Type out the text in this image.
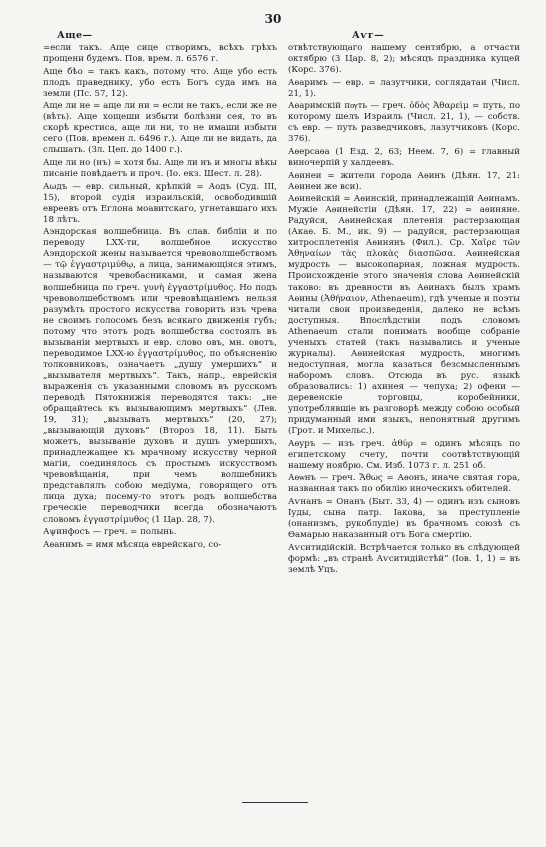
30
Аще—

=если такъ. Аще сице створимъ, всѣхъ грѣхъ прощени будемъ. Пов. врем. л. 6576 г.

Аще бѣо = такъ какъ, потому что. Аще убо есть плодъ праведнику, убо есть Богъ суда имъ на земли (Пс. 57, 12).

Аще ли не = аще ли ни = если не такъ, если же не (вѣть). Аще хощеши избыти болѣзни сея, то въ скорѣ крестиса, аще ли ни, то не имаши избыти сего (Пов. времен л. 6496 г.). Аще ли не видать, да слышать. (Зл. Цеп. до 1400 г.).

Аще ли но (нъ) = хотя бы. Аще ли нъ и многы вѣкы писаніе повѣдаетъ и проч. (Іо. екз. Шест. л. 28).

Аωдъ — евр. сильный, крѣпкій = Аодъ (Суд. III, 15), второй судія израильскій, освободившій евреевъ отъ Еглона моавитскаго, угнетавшаго ихъ 18 лѣтъ.

Аэндорская волшебница. Въ слав. библіи и по переводу LXX-ти, волшебное искусство Аэндорской жены называется чревоволшебствомъ — τῷ ἐγγαστριμύθῳ, а лица, занимающіяся этимъ, называются чревобасниками, и самая жена волшебница по греч. γυνὴ ἐγγαστρίμυθος. Но подъ чревоволшебствомъ или чревовѣщаніемъ нельзя разумѣть простого искусства говорить изъ чрева не своимъ голосомъ безъ всякаго движенія губъ; потому что этотъ родъ волшебства состоялъ въ вызываніи мертвыхъ и евр. слово овъ, мн. овотъ, переводимое LXX-ю ἐγγαστρίμυθος, по объясненію толковниковъ, означаетъ „душу умершихъ“ и „вызывателя мертвыхъ“. Такъ, напр., еврейскія выраженія съ указанными словомъ въ русскомъ переводѣ Пятокнижія переводятся такъ: „не обращайтесь къ вызывающимъ мертвыхъ“ (Лев. 19, 31); „вызывать мертвыхъ“ (20, 27); „вызывающій духовъ“ (Второз 18, 11). Быть можетъ, вызываніе духовъ и душъ умершихъ, принадлежащее къ мрачному искусству черной магіи, соединялось съ простымъ искусствомъ чревовѣщанія, при чемъ волшебникъ представлялъ собою медіума, говорящего отъ лица духа; посему-то этотъ родъ волшебства греческіе переводчики всегда обозначаютъ словомъ ἐγγαστρίμυθος (1 Цар. 28, 7).

Аψинфосъ — греч. = полынь.

Аѳанимъ = имя мѣсяца еврейскаго, со-

Аѵг—

отвѣтствующаго нашему сентябрю, а отчасти октябрю (3 Цар. 8, 2); мѣсяцъ праздника кущей (Корс. 376).

Аѳаримъ — евр. = лазутчики, соглядатаи (Числ. 21, 1).

Аѳаримскій пѹть — греч. ὁδὸς Ἀθαρεὶμ = путь, по которому шелъ Израиль (Числ. 21, 1), — собств. съ евр. — путь разведчиковъ, лазутчиковъ (Корс. 376).

Аѳерсаѳа (1 Езд. 2, 63; Неем. 7, 6) = главный виночерпій у халдеевъ.

Аѳинеи = жители города Аѳинъ (Дѣян. 17, 21: Аѳинеи же вси).

Аѳинейскій = Аѳинскій, принадлежащій Аѳинамъ. Мужіе Аѳинейстіи (Дѣян. 17, 22) = аѳиняне. Радуйся, Аѳинейская плетенія растерзающая (Акаѳ. Б. М., ик. 9) — радуйся, растерзающая хитросплетенія Аѳинянъ (Фил.). Ср. Χαῖρε τῶν Ἀθηναίων τὰς πλοκὰς διασπῶσα. Аѳинейская мудрость — высокопарная, ложная мудрость. Происхожденіе этого значенія слова Аѳинейскій таково: въ древности въ Аѳинахъ былъ храмъ Аѳины (Ἀθήναιον, Athenaeum), гдѣ ученые и поэты читали свои произведенія, далеко не всѣмъ доступныя. Впослѣдствіи подъ словомъ Athenaeum стали понимать вообще собраніе ученыхъ статей (такъ назывались и ученые журналы). Аѳинейская мудрость, многимъ недоступная, могла казаться безсмысленнымъ наборомъ словъ. Отсюда въ рус. языкѣ образовались: 1) ахинея — чепуха; 2) офени — деревенскіе торговцы, коробейники, употреблявшіе въ разговорѣ между собою особый придуманный ими языкъ, непонятный другимъ (Грот. и Михельс.).

Аѳуръ — изъ греч. ἀθύρ = одинъ мѣсяцъ по египетскому счету, почти соотвѣтствующій нашему ноябрю. См. Изб. 1073 г. л. 251 об.

Аѳѡнъ — греч. Ἄθως = Аѳонъ, иначе святая гора, названная такъ по обилію иноческихъ обителей.

Аѵнанъ = Онанъ (Быт. 33, 4) — одинъ изъ сыновъ Іуды, сына патр. Іакова, за преступленіе (онанизмъ, рукоблудіе) въ брачномъ союзѣ съ Ѳамарью наказанный отъ Бога смертію.

Аѵситидійскій. Встрѣчается только въ слѣдующей формѣ: „въ странѣ Аѵситидійстѣй“ (Іов. 1, 1) = въ землѣ Уцъ.
